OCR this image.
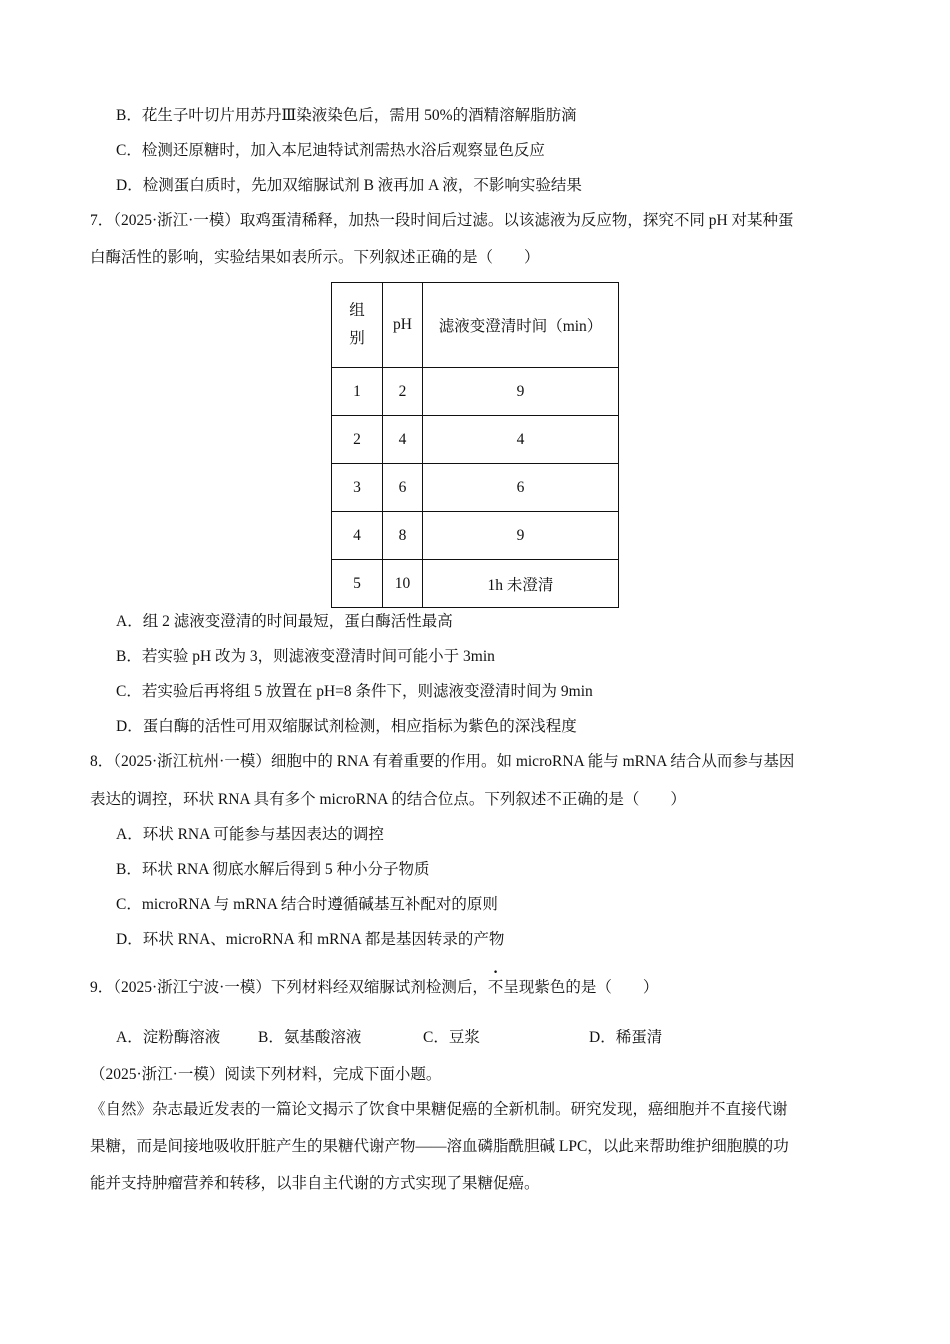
B．花生子叶切片用苏丹Ⅲ染液染色后，需用 50%的酒精溶解脂肪滴
C．检测还原糖时，加入本尼迪特试剂需热水浴后观察显色反应
D．检测蛋白质时，先加双缩脲试剂 B 液再加 A 液，不影响实验结果
7．（2025·浙江·一模）取鸡蛋清稀释，加热一段时间后过滤。以该滤液为反应物，探究不同 pH 对某种蛋
白酶活性的影响，实验结果如表所示。下列叙述正确的是（　　）
组
别	pH	滤液变澄清时间（min）
1	2	9
2	4	4
3	6	6
4	8	9
5	10	1h 未澄清
A．组 2 滤液变澄清的时间最短，蛋白酶活性最高
B．若实验 pH 改为 3，则滤液变澄清时间可能小于 3min
C．若实验后再将组 5 放置在 pH=8 条件下，则滤液变澄清时间为 9min
D．蛋白酶的活性可用双缩脲试剂检测，相应指标为紫色的深浅程度
8．（2025·浙江杭州·一模）细胞中的 RNA 有着重要的作用。如 microRNA 能与 mRNA 结合从而参与基因
表达的调控，环状 RNA 具有多个 microRNA 的结合位点。下列叙述不正确的是（　　）
A．环状 RNA 可能参与基因表达的调控
B．环状 RNA 彻底水解后得到 5 种小分子物质
C．microRNA 与 mRNA 结合时遵循碱基互补配对的原则
D．环状 RNA、microRNA 和 mRNA 都是基因转录的产物
9．（2025·浙江宁波·一模）下列材料经双缩脲试剂检测后，不呈现紫色的是（　　）
A．淀粉酶溶液 B．氨基酸溶液	C．豆浆	D．稀蛋清
（2025·浙江·一模）阅读下列材料，完成下面小题。
《自然》杂志最近发表的一篇论文揭示了饮食中果糖促癌的全新机制。研究发现，癌细胞并不直接代谢
果糖，而是间接地吸收肝脏产生的果糖代谢产物——溶血磷脂酰胆碱 LPC，以此来帮助维护细胞膜的功
能并支持肿瘤营养和转移，以非自主代谢的方式实现了果糖促癌。
